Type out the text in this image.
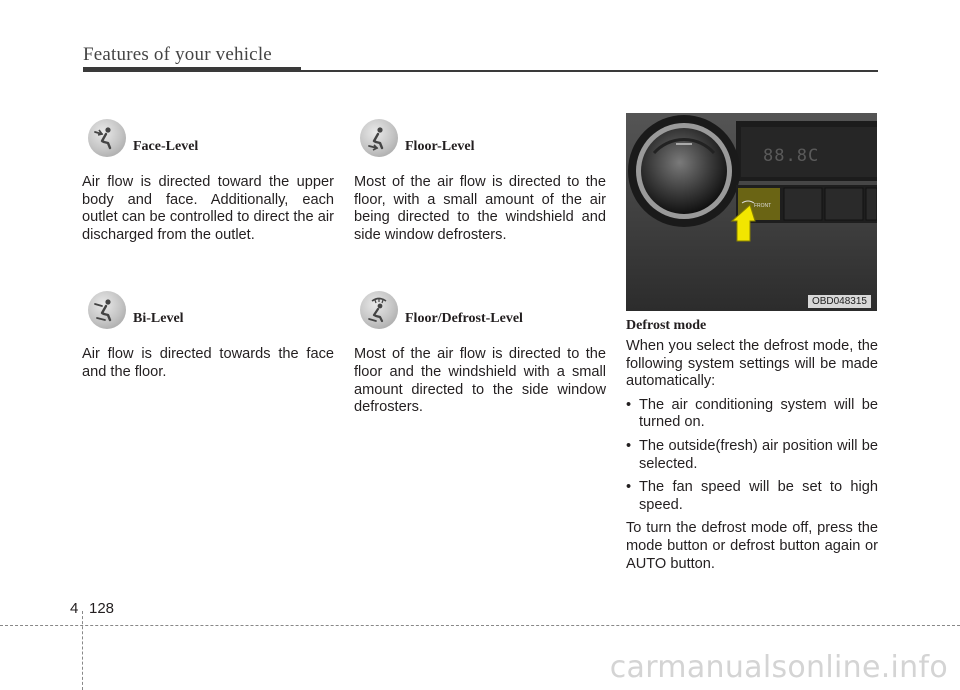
Features of your vehicle
Face-Level

Air flow is directed toward the upper body and face. Additionally, each outlet can be controlled to direct the air discharged from the outlet.

Bi-Level

Air flow is directed towards the face and the floor.

Floor-Level

Most of the air flow is directed to the floor, with a small amount of the air being directed to the windshield and side window defrosters.

Floor/Defrost-Level

Most of the air flow is directed to the floor and the windshield with a small amount directed to the side window defrosters.

88.8C
FRONT
OBD048315

Defrost mode

When you select the defrost mode, the following system settings will be made automatically:

• The air conditioning system will be turned on.

• The outside(fresh) air position will be selected.

• The fan speed will be set to high speed.

To turn the defrost mode off, press the mode button or defrost button again or AUTO button.

4 128
carmanualsonline.info
